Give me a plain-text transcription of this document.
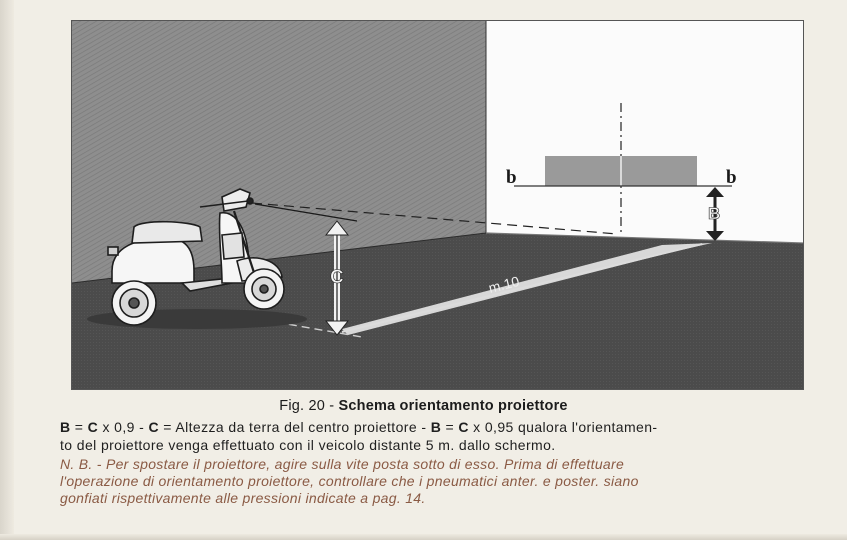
b	b
B
m.10
C
Fig. 20 - Schema orientamento proiettore
B = C x 0,9 - C = Altezza da terra del centro proiettore - B = C x 0,95 qualora l'orientamen-
to del proiettore venga effettuato con il veicolo distante 5 m. dallo schermo.
N. B. - Per spostare il proiettore, agire sulla vite posta sotto di esso. Prima di effettuare
l'operazione di orientamento proiettore, controllare che i pneumatici anter. e poster. siano
gonfiati rispettivamente alle pressioni indicate a pag. 14.
